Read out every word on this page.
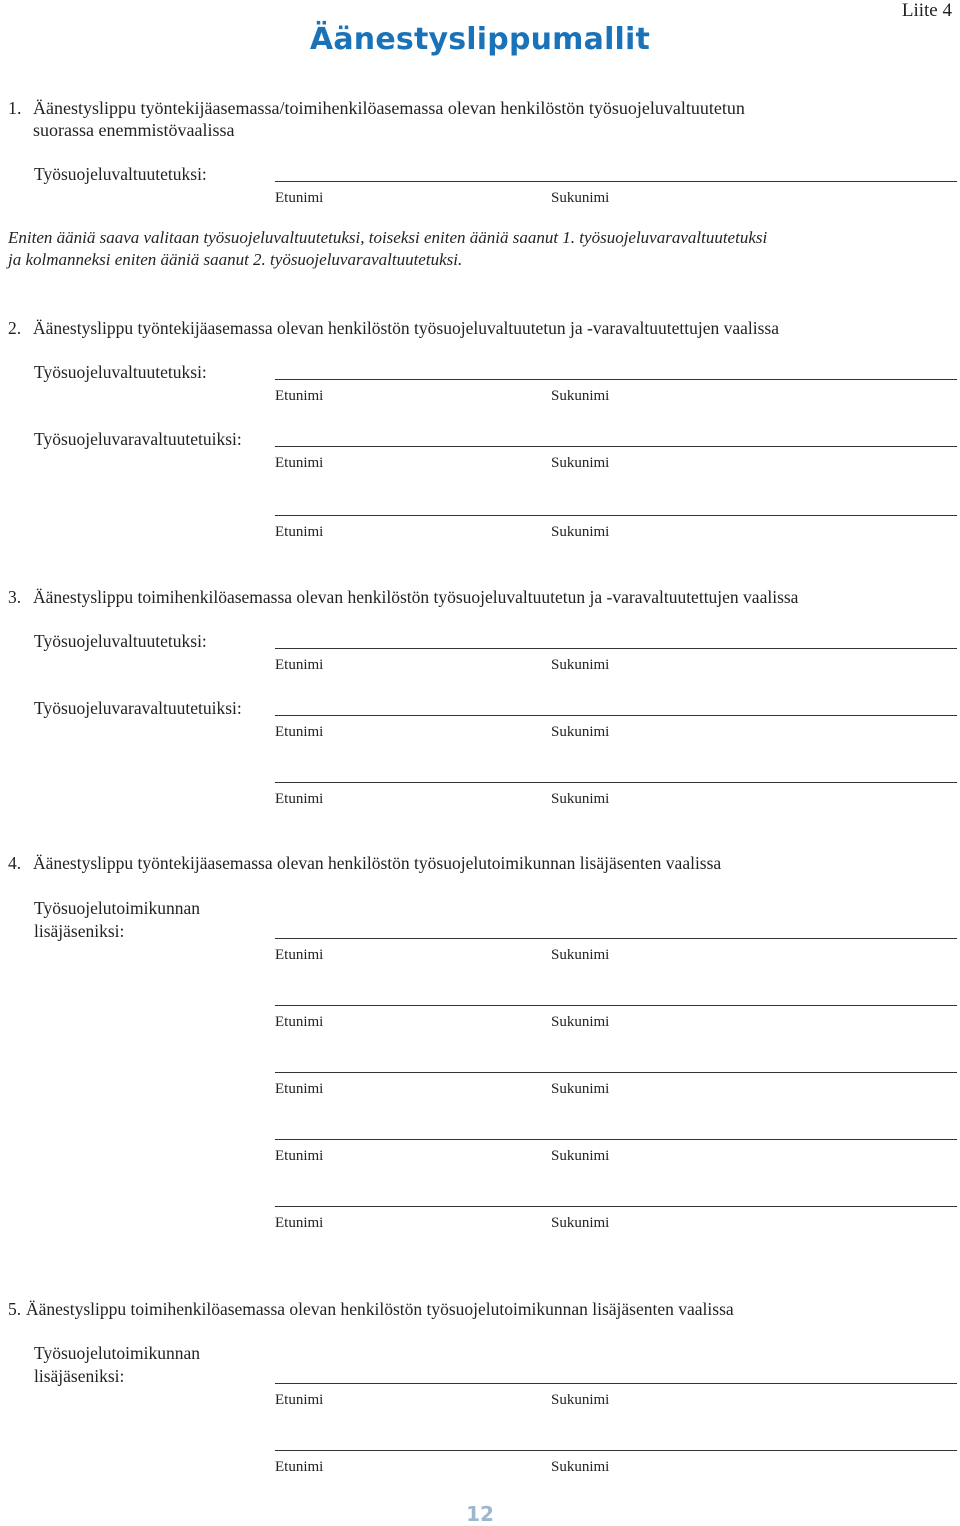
Liite 4
Äänestyslippumallit
1. Äänestyslippu työntekijäasemassa/toimihenkilöasemassa olevan henkilöstön työsuojeluvaltuutetun
suorassa enemmistövaalissa
Työsuojeluvaltuutetuksi:
Etunimi	Sukunimi
Eniten ääniä saava valitaan työsuojeluvaltuutetuksi, toiseksi eniten ääniä saanut 1. työsuojeluvaravaltuutetuksi
ja kolmanneksi eniten ääniä saanut 2. työsuojeluvaravaltuutetuksi.
2. Äänestyslippu työntekijäasemassa olevan henkilöstön työsuojeluvaltuutetun ja -varavaltuutettujen vaalissa
Työsuojeluvaltuutetuksi:
Etunimi	Sukunimi
Työsuojeluvaravaltuutetuiksi:
Etunimi	Sukunimi
Etunimi	Sukunimi
3. Äänestyslippu toimihenkilöasemassa olevan henkilöstön työsuojeluvaltuutetun ja -varavaltuutettujen vaalissa
Työsuojeluvaltuutetuksi:
Etunimi	Sukunimi
Työsuojeluvaravaltuutetuiksi:
Etunimi	Sukunimi
Etunimi	Sukunimi
4. Äänestyslippu työntekijäasemassa olevan henkilöstön työsuojelutoimikunnan lisäjäsenten vaalissa
Työsuojelutoimikunnan
lisäjäseniksi:
Etunimi	Sukunimi
Etunimi	Sukunimi
Etunimi	Sukunimi
Etunimi	Sukunimi
Etunimi	Sukunimi
5. Äänestyslippu toimihenkilöasemassa olevan henkilöstön työsuojelutoimikunnan lisäjäsenten vaalissa
Työsuojelutoimikunnan
lisäjäseniksi:
Etunimi	Sukunimi
Etunimi	Sukunimi
12
